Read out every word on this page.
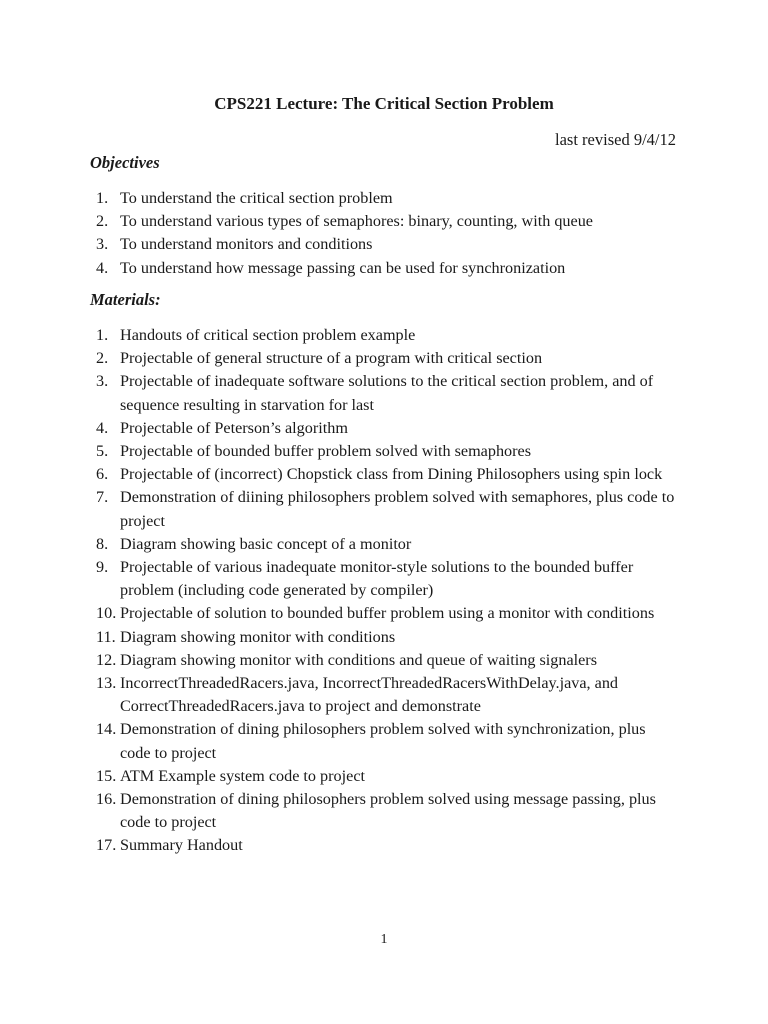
CPS221 Lecture: The Critical Section Problem
last revised 9/4/12
Objectives
1. To understand the critical section problem
2. To understand various types of semaphores: binary, counting, with queue
3. To understand monitors and conditions
4. To understand how message passing can be used for synchronization
Materials:
1. Handouts of critical section problem example
2. Projectable of general structure of a program with critical section
3. Projectable of inadequate software solutions to the critical section problem, and of sequence resulting in starvation for last
4. Projectable of Peterson’s algorithm
5. Projectable of bounded buffer problem solved with semaphores
6. Projectable of (incorrect) Chopstick class from Dining Philosophers using spin lock
7. Demonstration of diining philosophers problem solved with semaphores, plus code to project
8. Diagram showing basic concept of a monitor
9. Projectable of various inadequate monitor-style solutions to the bounded buffer problem (including code generated by compiler)
10. Projectable of solution to bounded buffer problem using a monitor with conditions
11. Diagram showing monitor with conditions
12. Diagram showing monitor with conditions and queue of waiting signalers
13. IncorrectThreadedRacers.java, IncorrectThreadedRacersWithDelay.java, and CorrectThreadedRacers.java to project and demonstrate
14. Demonstration of dining philosophers problem solved with synchronization, plus code to project
15. ATM Example system code to project
16. Demonstration of dining philosophers problem solved using message passing, plus code to project
17. Summary Handout
1
